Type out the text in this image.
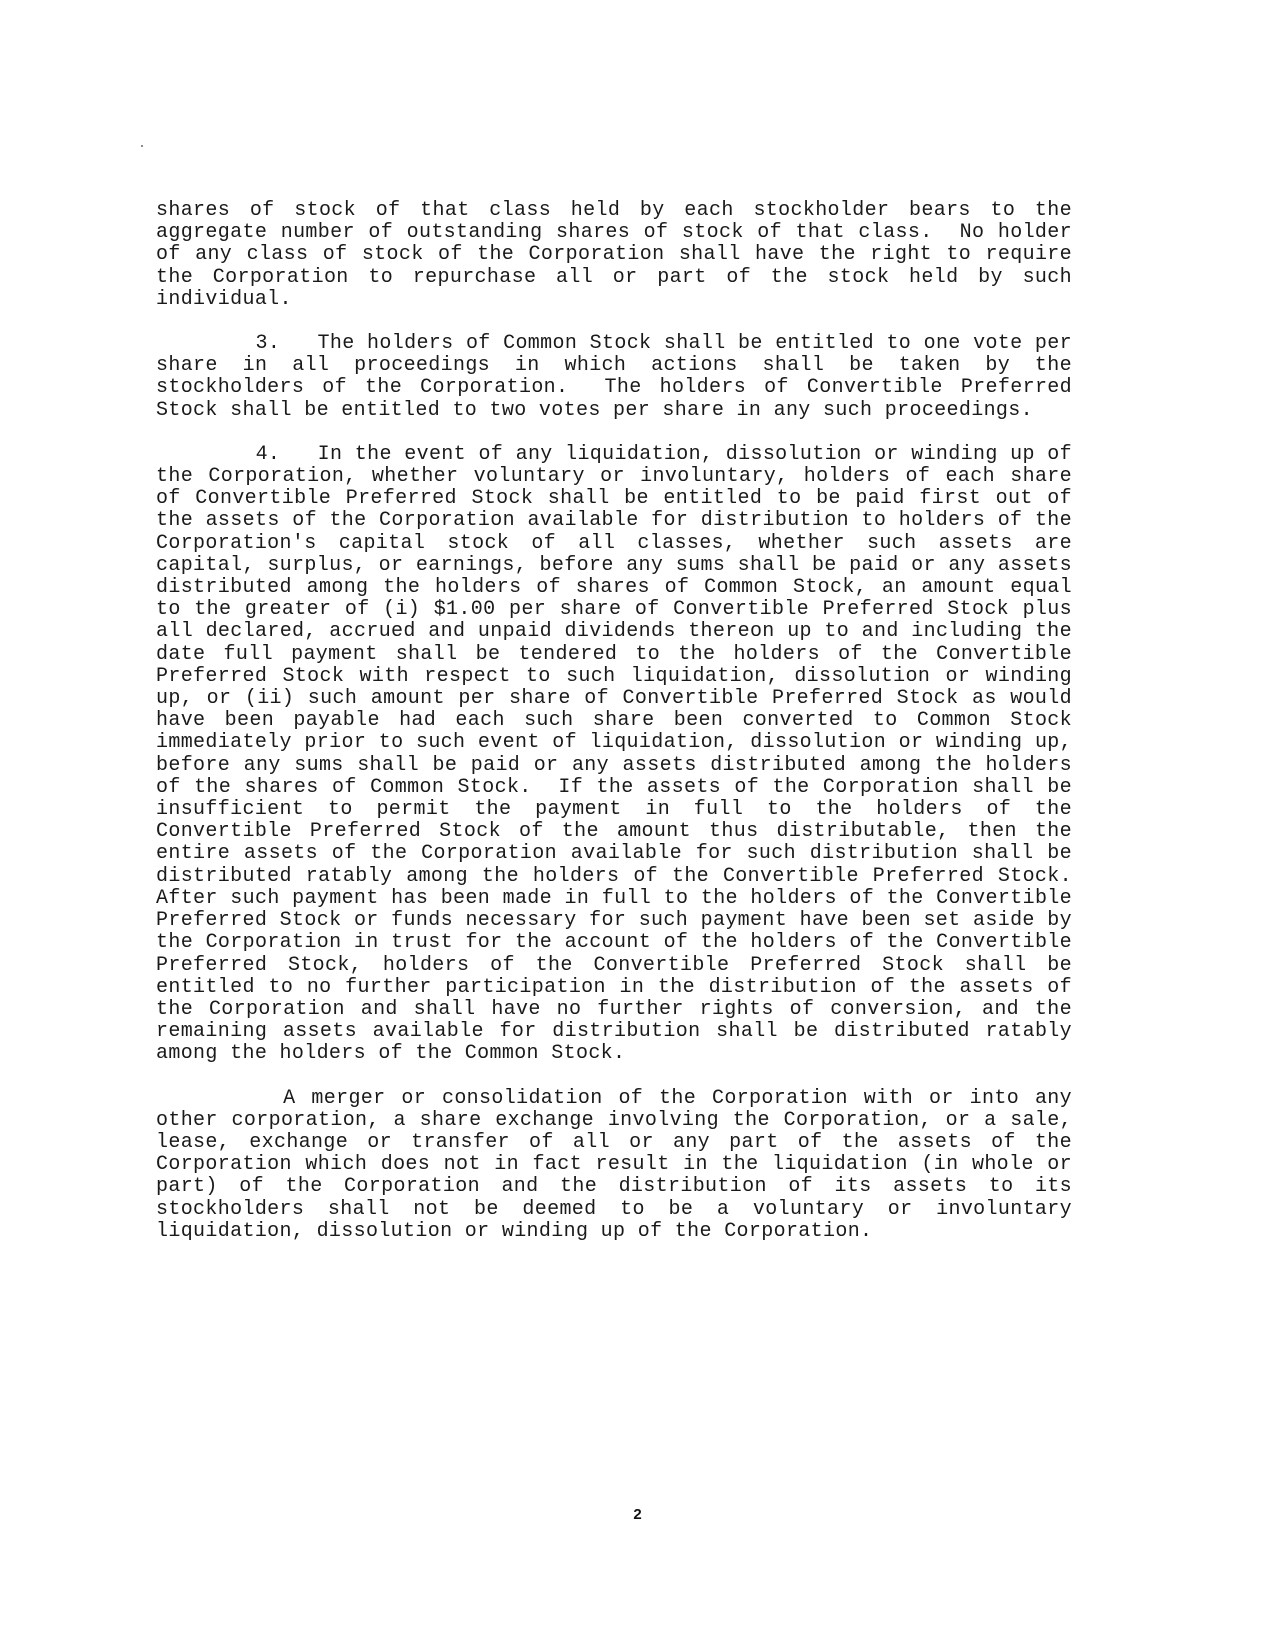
shares of stock of that class held by each stockholder bears to the aggregate number of outstanding shares of stock of that class.  No holder of any class of stock of the Corporation shall have the right to require the Corporation to repurchase all or part of the stock held by such individual.

3.   The holders of Common Stock shall be entitled to one vote per share in all proceedings in which actions shall be taken by the stockholders of the Corporation.  The holders of Convertible Preferred Stock shall be entitled to two votes per share in any such proceedings.

4.   In the event of any liquidation, dissolution or winding up of the Corporation, whether voluntary or involuntary, holders of each share of Convertible Preferred Stock shall be entitled to be paid first out of the assets of the Corporation available for distribution to holders of the Corporation's capital stock of all classes, whether such assets are capital, surplus, or earnings, before any sums shall be paid or any assets distributed among the holders of shares of Common Stock, an amount equal to the greater of (i) $1.00 per share of Convertible Preferred Stock plus all declared, accrued and unpaid dividends thereon up to and including the date full payment shall be tendered to the holders of the Convertible Preferred Stock with respect to such liquidation, dissolution or winding up, or (ii) such amount per share of Convertible Preferred Stock as would have been payable had each such share been converted to Common Stock immediately prior to such event of liquidation, dissolution or winding up, before any sums shall be paid or any assets distributed among the holders of the shares of Common Stock.  If the assets of the Corporation shall be insufficient to permit the payment in full to the holders of the Convertible Preferred Stock of the amount thus distributable, then the entire assets of the Corporation available for such distribution shall be distributed ratably among the holders of the Convertible Preferred Stock.  After such payment has been made in full to the holders of the Convertible Preferred Stock or funds necessary for such payment have been set aside by the Corporation in trust for the account of the holders of the Convertible Preferred Stock, holders of the Convertible Preferred Stock shall be entitled to no further participation in the distribution of the assets of the Corporation and shall have no further rights of conversion, and the remaining assets available for distribution shall be distributed ratably among the holders of the Common Stock.

A merger or consolidation of the Corporation with or into any other corporation, a share exchange involving the Corporation, or a sale, lease, exchange or transfer of all or any part of the assets of the Corporation which does not in fact result in the liquidation (in whole or part) of the Corporation and the distribution of its assets to its stockholders shall not be deemed to be a voluntary or involuntary liquidation, dissolution or winding up of the Corporation.

2
